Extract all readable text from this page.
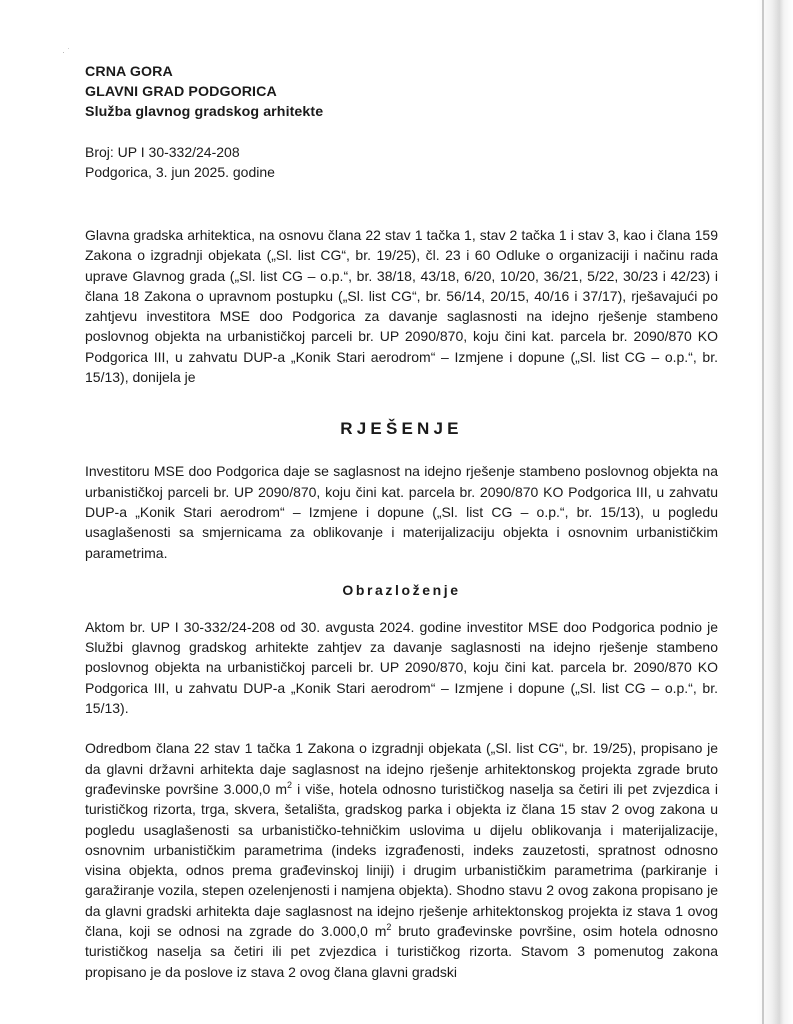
· ˙
CRNA GORA
GLAVNI GRAD PODGORICA
Služba glavnog gradskog arhitekte
Broj: UP I 30-332/24-208
Podgorica, 3. jun 2025. godine

Glavna gradska arhitektica, na osnovu člana 22 stav 1 tačka 1, stav 2 tačka 1 i stav 3, kao i člana 159 Zakona o izgradnji objekata („Sl. list CG“, br. 19/25), čl. 23 i 60 Odluke o organizaciji i načinu rada uprave Glavnog grada („Sl. list CG – o.p.“, br. 38/18, 43/18, 6/20, 10/20, 36/21, 5/22, 30/23 i 42/23) i člana 18 Zakona o upravnom postupku („Sl. list CG“, br. 56/14, 20/15, 40/16 i 37/17), rješavajući po zahtjevu investitora MSE doo Podgorica za davanje saglasnosti na idejno rješenje stambeno poslovnog objekta na urbanističkoj parceli br. UP 2090/870, koju čini kat. parcela br. 2090/870 KO Podgorica III, u zahvatu DUP-a „Konik Stari aerodrom“ – Izmjene i dopune („Sl. list CG – o.p.“, br. 15/13), donijela je

RJEŠENJE

Investitoru MSE doo Podgorica daje se saglasnost na idejno rješenje stambeno poslovnog objekta na urbanističkoj parceli br. UP 2090/870, koju čini kat. parcela br. 2090/870 KO Podgorica III, u zahvatu DUP-a „Konik Stari aerodrom“ – Izmjene i dopune („Sl. list CG – o.p.“, br. 15/13), u pogledu usaglašenosti sa smjernicama za oblikovanje i materijalizaciju objekta i osnovnim urbanističkim parametrima.

Obrazloženje

Aktom br. UP I 30-332/24-208 od 30. avgusta 2024. godine investitor MSE doo Podgorica podnio je Službi glavnog gradskog arhitekte zahtjev za davanje saglasnosti na idejno rješenje stambeno poslovnog objekta na urbanističkoj parceli br. UP 2090/870, koju čini kat. parcela br. 2090/870 KO Podgorica III, u zahvatu DUP-a „Konik Stari aerodrom“ – Izmjene i dopune („Sl. list CG – o.p.“, br. 15/13).

Odredbom člana 22 stav 1 tačka 1 Zakona o izgradnji objekata („Sl. list CG“, br. 19/25), propisano je da glavni državni arhitekta daje saglasnost na idejno rješenje arhitektonskog projekta zgrade bruto građevinske površine 3.000,0 $m^2$ i više, hotela odnosno turističkog naselja sa četiri ili pet zvjezdica i turističkog rizorta, trga, skvera, šetališta, gradskog parka i objekta iz člana 15 stav 2 ovog zakona u pogledu usaglašenosti sa urbanističko-tehničkim uslovima u dijelu oblikovanja i materijalizacije, osnovnim urbanističkim parametrima (indeks izgrađenosti, indeks zauzetosti, spratnost odnosno visina objekta, odnos prema građevinskoj liniji) i drugim urbanističkim parametrima (parkiranje i garažiranje vozila, stepen ozelenjenosti i namjena objekta). Shodno stavu 2 ovog zakona propisano je da glavni gradski arhitekta daje saglasnost na idejno rješenje arhitektonskog projekta iz stava 1 ovog člana, koji se odnosi na zgrade do 3.000,0 $m^2$ bruto građevinske površine, osim hotela odnosno turističkog naselja sa četiri ili pet zvjezdica i turističkog rizorta. Stavom 3 pomenutog zakona propisano je da poslove iz stava 2 ovog člana glavni gradski
